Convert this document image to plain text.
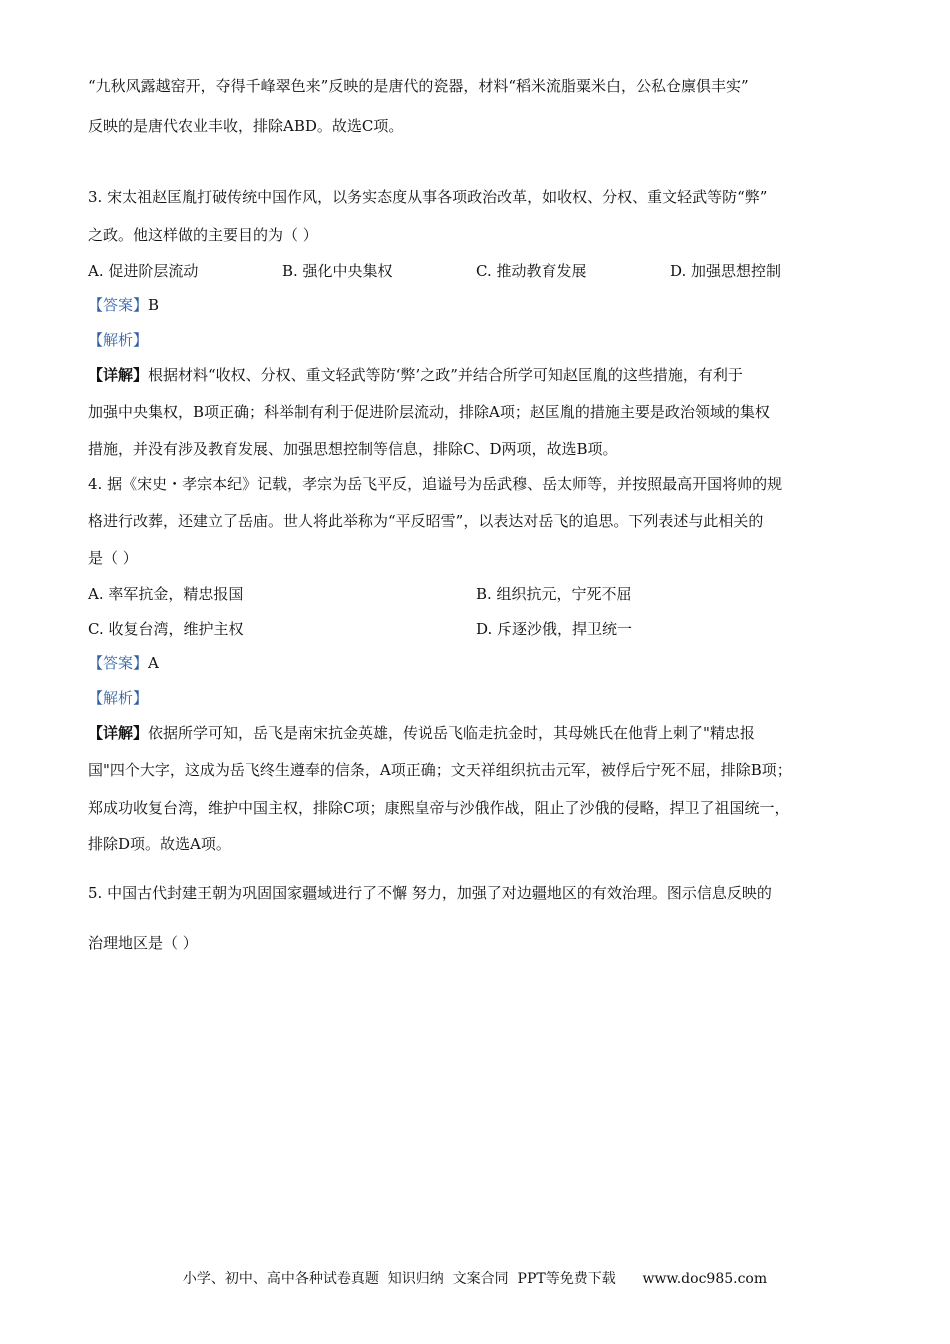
“九秋风露越窑开，夺得千峰翠色来”反映的是唐代的瓷器，材料“稻米流脂粟米白，公私仓廪俱丰实”
反映的是唐代农业丰收，排除ABD。故选C项。
3. 宋太祖赵匡胤打破传统中国作风，以务实态度从事各项政治改革，如收权、分权、重文轻武等防“弊”
之政。他这样做的主要目的为（ ）
A. 促进阶层流动	B. 强化中央集权	C. 推动教育发展	D. 加强思想控制
【答案】B
【解析】
【详解】根据材料“收权、分权、重文轻武等防‘弊’之政”并结合所学可知赵匡胤的这些措施，有利于
加强中央集权，B项正确；科举制有利于促进阶层流动，排除A项；赵匡胤的措施主要是政治领域的集权
措施，并没有涉及教育发展、加强思想控制等信息，排除C、D两项，故选B项。
4. 据《宋史・孝宗本纪》记载，孝宗为岳飞平反，追谥号为岳武穆、岳太师等，并按照最高开国将帅的规
格进行改葬，还建立了岳庙。世人将此举称为“平反昭雪”，以表达对岳飞的追思。下列表述与此相关的
是（ ）
A. 率军抗金，精忠报国	B. 组织抗元，宁死不屈
C. 收复台湾，维护主权	D. 斥逐沙俄，捍卫统一
【答案】A
【解析】
【详解】依据所学可知，岳飞是南宋抗金英雄，传说岳飞临走抗金时，其母姚氏在他背上刺了"精忠报
国"四个大字，这成为岳飞终生遵奉的信条，A项正确；文天祥组织抗击元军，被俘后宁死不屈，排除B项；
郑成功收复台湾，维护中国主权，排除C项；康熙皇帝与沙俄作战，阻止了沙俄的侵略，捍卫了祖国统一，
排除D项。故选A项。
5. 中国古代封建王朝为巩固国家疆域进行了不懈 努力，加强了对边疆地区的有效治理。图示信息反映的
治理地区是（ ）
小学、初中、高中各种试卷真题  知识归纳  文案合同  PPT等免费下载      www.doc985.com
